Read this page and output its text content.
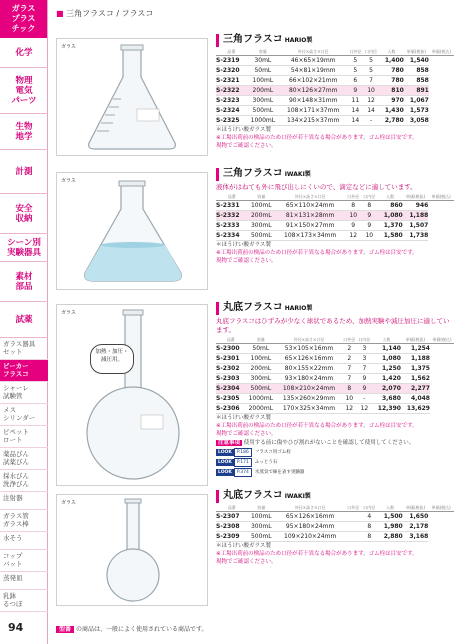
ガラス
プラス
チック
化学
物理
電気
パーツ
生物
地学
計測
安全
収納
シーン別
実験器具
素材
部品
試薬
ガラス器具
セット
ビーカー
フラスコ
シャーレ
試験管
メス
シリンダー
ピペット
ロート
薬品びん
試薬びん
採水びん
洗浄びん
注射器
ガラス管
ガラス棒
水そう
コップ
バット
蒸発皿
乳鉢
るつぼ
94
■ 三角フラスコ / フラスコ
ガラス
ガラス
ガラス
加熱・加圧・
減圧用。
ガラス
三角フラスコ HARIO製
品番	容量	外径×高さ×口径	口外径	口内径	入数	単価(税抜)	単価(税込)
S-2319	30mL	46×65×19mm	5	5	1,400	1,540	
S-2320	50mL	54×81×19mm	5	5	780	858	
S-2321	100mL	66×102×21mm	6	7	780	858	
S-2322	200mL	80×126×27mm	9	10	810	891	
S-2323	300mL	90×148×31mm	11	12	970	1,067	
S-2324	500mL	108×171×37mm	14	14	1,430	1,573	
S-2325	1000mL	134×215×37mm	14	-	2,780	3,058	
＊ほうけい酸ガラス製
※工場出荷前の検品のため口径が若干異なる場合があります。ゴム栓は目安です。
現物でご確認ください。
三角フラスコ IWAKI製
液体がはねても外に飛び出しにくいので、滴定などに適しています。
品番	容量	外径×高さ×口径	口外径	口内径	入数	単価(税抜)	単価(税込)
S-2331	100mL	65×110×24mm	8	8	860	946	
S-2332	200mL	81×131×28mm	10	9	1,080	1,188	
S-2333	300mL	91×150×27mm	9	9	1,370	1,507	
S-2334	500mL	108×173×34mm	12	10	1,580	1,738	
＊ほうけい酸ガラス製
※工場出荷前の検品のため口径が若干異なる場合があります。ゴム栓は目安です。
現物でご確認ください。
丸底フラスコ HARIO製
丸底フラスコはひずみが少なく球状であるため、加熱実験や減圧加圧に適しています。
品番	容量	外径×高さ×口径	口外径	口内径	入数	単価(税抜)	単価(税込)
S-2300	50mL	53×105×16mm	2	3	1,140	1,254	
S-2301	100mL	65×126×16mm	2	3	1,080	1,188	
S-2302	200mL	80×155×22mm	7	7	1,250	1,375	
S-2303	300mL	93×180×24mm	7	9	1,420	1,562	
S-2304	500mL	108×210×24mm	8	9	2,070	2,277	
S-2305	1000mL	135×260×29mm	10	-	3,680	4,048	
S-2306	2000mL	170×325×34mm	12	12	12,390	13,629	
＊ほうけい酸ガラス製
※工場出荷前の検品のため口径が若干異なる場合があります。ゴム栓は目安です。
現物でご確認ください。
注意事項 使用する前に傷やひび割れがないことを確認して使用してください。
LOOK	P.186	フラスコ用ゴム栓
LOOK	P.171	ふっとう石
LOOK	P.374	水蒸気で線を表す実験器
丸底フラスコ IWAKI製
品番	容量	外径×高さ×口径	口外径	口内径	入数	単価(税抜)	単価(税込)
S-2307	100mL	65×126×16mm		4	1,500	1,650	
S-2308	300mL	95×180×24mm		8	1,980	2,178	
S-2309	500mL	109×210×24mm		8	2,880	3,168	
＊ほうけい酸ガラス製
※工場出荷前の検品のため口径が若干異なる場合があります。ゴム栓は目安です。
現物でご確認ください。
型番 の商品は、一般によく使用されている商品です。
